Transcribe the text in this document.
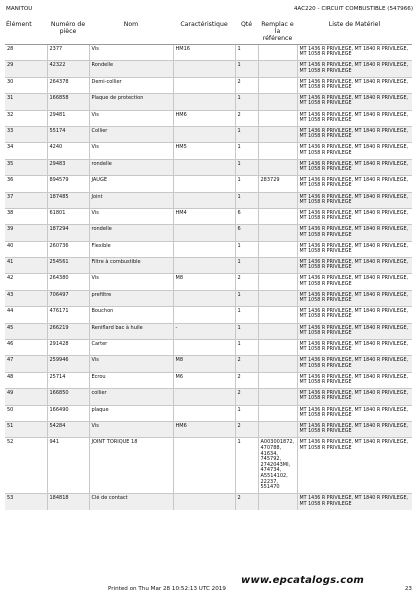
MANITOU	4AC220 - CIRCUIT COMBUSTIBLE (547966)
Élément	Numéro de pièce	Nom	Caractéristique	Qté	Remplac e la référence	Liste de Matériel
28	2377	Vis	HM16	1		MT 1436 R PRIVILEGE, MT 1840 R PRIVILEGE, MT 1058 R PRIVILEGE
29	42322	Rondelle		1		MT 1436 R PRIVILEGE, MT 1840 R PRIVILEGE, MT 1058 R PRIVILEGE
30	264378	Demi-collier		2		MT 1436 R PRIVILEGE, MT 1840 R PRIVILEGE, MT 1058 R PRIVILEGE
31	166858	Plaque de protection		1		MT 1436 R PRIVILEGE, MT 1840 R PRIVILEGE, MT 1058 R PRIVILEGE
32	29481	Vis	HM6	2		MT 1436 R PRIVILEGE, MT 1840 R PRIVILEGE, MT 1058 R PRIVILEGE
33	55174	Collier		1		MT 1436 R PRIVILEGE, MT 1840 R PRIVILEGE, MT 1058 R PRIVILEGE
34	4240	Vis	HM5	1		MT 1436 R PRIVILEGE, MT 1840 R PRIVILEGE, MT 1058 R PRIVILEGE
35	29483	rondelle		1		MT 1436 R PRIVILEGE, MT 1840 R PRIVILEGE, MT 1058 R PRIVILEGE
36	894579	JAUGE		1	283729	MT 1436 R PRIVILEGE, MT 1840 R PRIVILEGE, MT 1058 R PRIVILEGE
37	187485	Joint		1		MT 1436 R PRIVILEGE, MT 1840 R PRIVILEGE, MT 1058 R PRIVILEGE
38	61801	Vis	HM4	6		MT 1436 R PRIVILEGE, MT 1840 R PRIVILEGE, MT 1058 R PRIVILEGE
39	187294	rondelle		6		MT 1436 R PRIVILEGE, MT 1840 R PRIVILEGE, MT 1058 R PRIVILEGE
40	260736	Flexible		1		MT 1436 R PRIVILEGE, MT 1840 R PRIVILEGE, MT 1058 R PRIVILEGE
41	254561	Filtre à combustible		1		MT 1436 R PRIVILEGE, MT 1840 R PRIVILEGE, MT 1058 R PRIVILEGE
42	264380	Vis	M8	2		MT 1436 R PRIVILEGE, MT 1840 R PRIVILEGE, MT 1058 R PRIVILEGE
43	706497	prefiltre		1		MT 1436 R PRIVILEGE, MT 1840 R PRIVILEGE, MT 1058 R PRIVILEGE
44	476171	Bouchon		1		MT 1436 R PRIVILEGE, MT 1840 R PRIVILEGE, MT 1058 R PRIVILEGE
45	266219	Reniflard bac à huile	-	1		MT 1436 R PRIVILEGE, MT 1840 R PRIVILEGE, MT 1058 R PRIVILEGE
46	291428	Carter		1		MT 1436 R PRIVILEGE, MT 1840 R PRIVILEGE, MT 1058 R PRIVILEGE
47	259946	Vis	M8	2		MT 1436 R PRIVILEGE, MT 1840 R PRIVILEGE, MT 1058 R PRIVILEGE
48	25714	Ecrou	M6	2		MT 1436 R PRIVILEGE, MT 1840 R PRIVILEGE, MT 1058 R PRIVILEGE
49	166850	collier		2		MT 1436 R PRIVILEGE, MT 1840 R PRIVILEGE, MT 1058 R PRIVILEGE
50	166490	plaque		1		MT 1436 R PRIVILEGE, MT 1840 R PRIVILEGE, MT 1058 R PRIVILEGE
51	54284	Vis	HM6	2		MT 1436 R PRIVILEGE, MT 1840 R PRIVILEGE, MT 1058 R PRIVILEGE
52	941	JOINT TORIQUE 18		1	A003001872, 470788, 41634, 745792, 2742043MI, 474734, A5514102, 22237, 551470	MT 1436 R PRIVILEGE, MT 1840 R PRIVILEGE, MT 1058 R PRIVILEGE
53	184818	Clé de contact		2		MT 1436 R PRIVILEGE, MT 1840 R PRIVILEGE, MT 1058 R PRIVILEGE
Printed on Thu Mar 28 10:52:13 UTC 2019
www.epcatalogs.com
23
